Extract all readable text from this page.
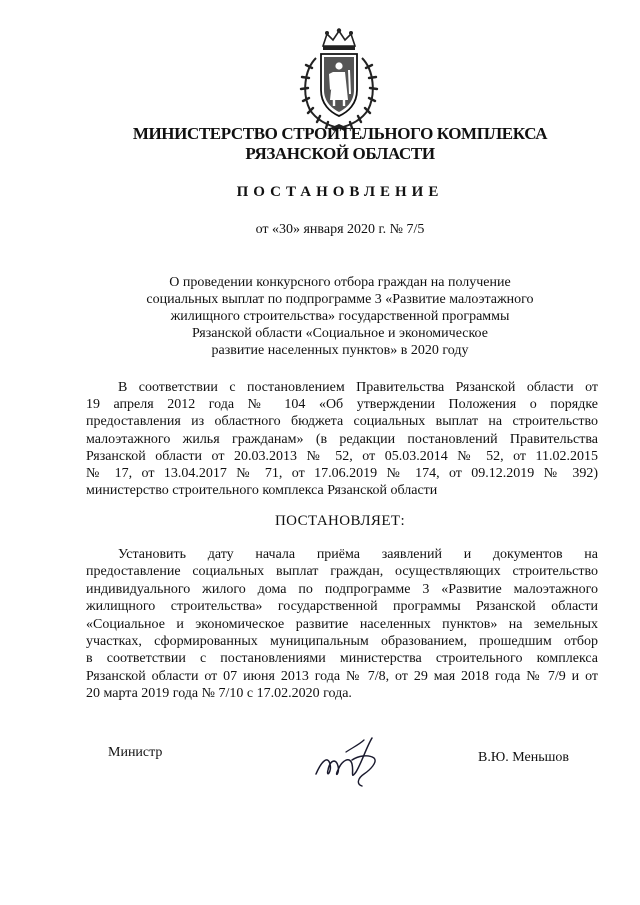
МИНИСТЕРСТВО СТРОИТЕЛЬНОГО КОМПЛЕКСА
РЯЗАНСКОЙ ОБЛАСТИ
ПОСТАНОВЛЕНИЕ
от «30» января 2020 г. № 7/5
О проведении конкурсного отбора граждан на получение
социальных выплат по подпрограмме 3 «Развитие малоэтажного
жилищного строительства» государственной программы
Рязанской области «Социальное и экономическое
развитие населенных пунктов» в 2020 году
В соответствии с постановлением Правительства Рязанской области от
19 апреля 2012 года № 104 «Об утверждении Положения о порядке
предоставления из областного бюджета социальных выплат на строительство
малоэтажного жилья гражданам» (в редакции постановлений Правительства
Рязанской области от 20.03.2013 № 52, от 05.03.2014 № 52, от 11.02.2015
№ 17, от 13.04.2017 № 71, от 17.06.2019 № 174, от 09.12.2019 № 392)
министерство строительного комплекса Рязанской области
ПОСТАНОВЛЯЕТ:
Установить дату начала приёма заявлений и документов на
предоставление социальных выплат граждан, осуществляющих строительство
индивидуального жилого дома по подпрограмме 3 «Развитие малоэтажного
жилищного строительства» государственной программы Рязанской области
«Социальное и экономическое развитие населенных пунктов» на земельных
участках, сформированных муниципальным образованием, прошедшим отбор
в соответствии с постановлениями министерства строительного комплекса
Рязанской области от 07 июня 2013 года № 7/8, от 29 мая 2018 года № 7/9 и от
20 марта 2019 года № 7/10 с 17.02.2020 года.
Министр	В.Ю. Меньшов
